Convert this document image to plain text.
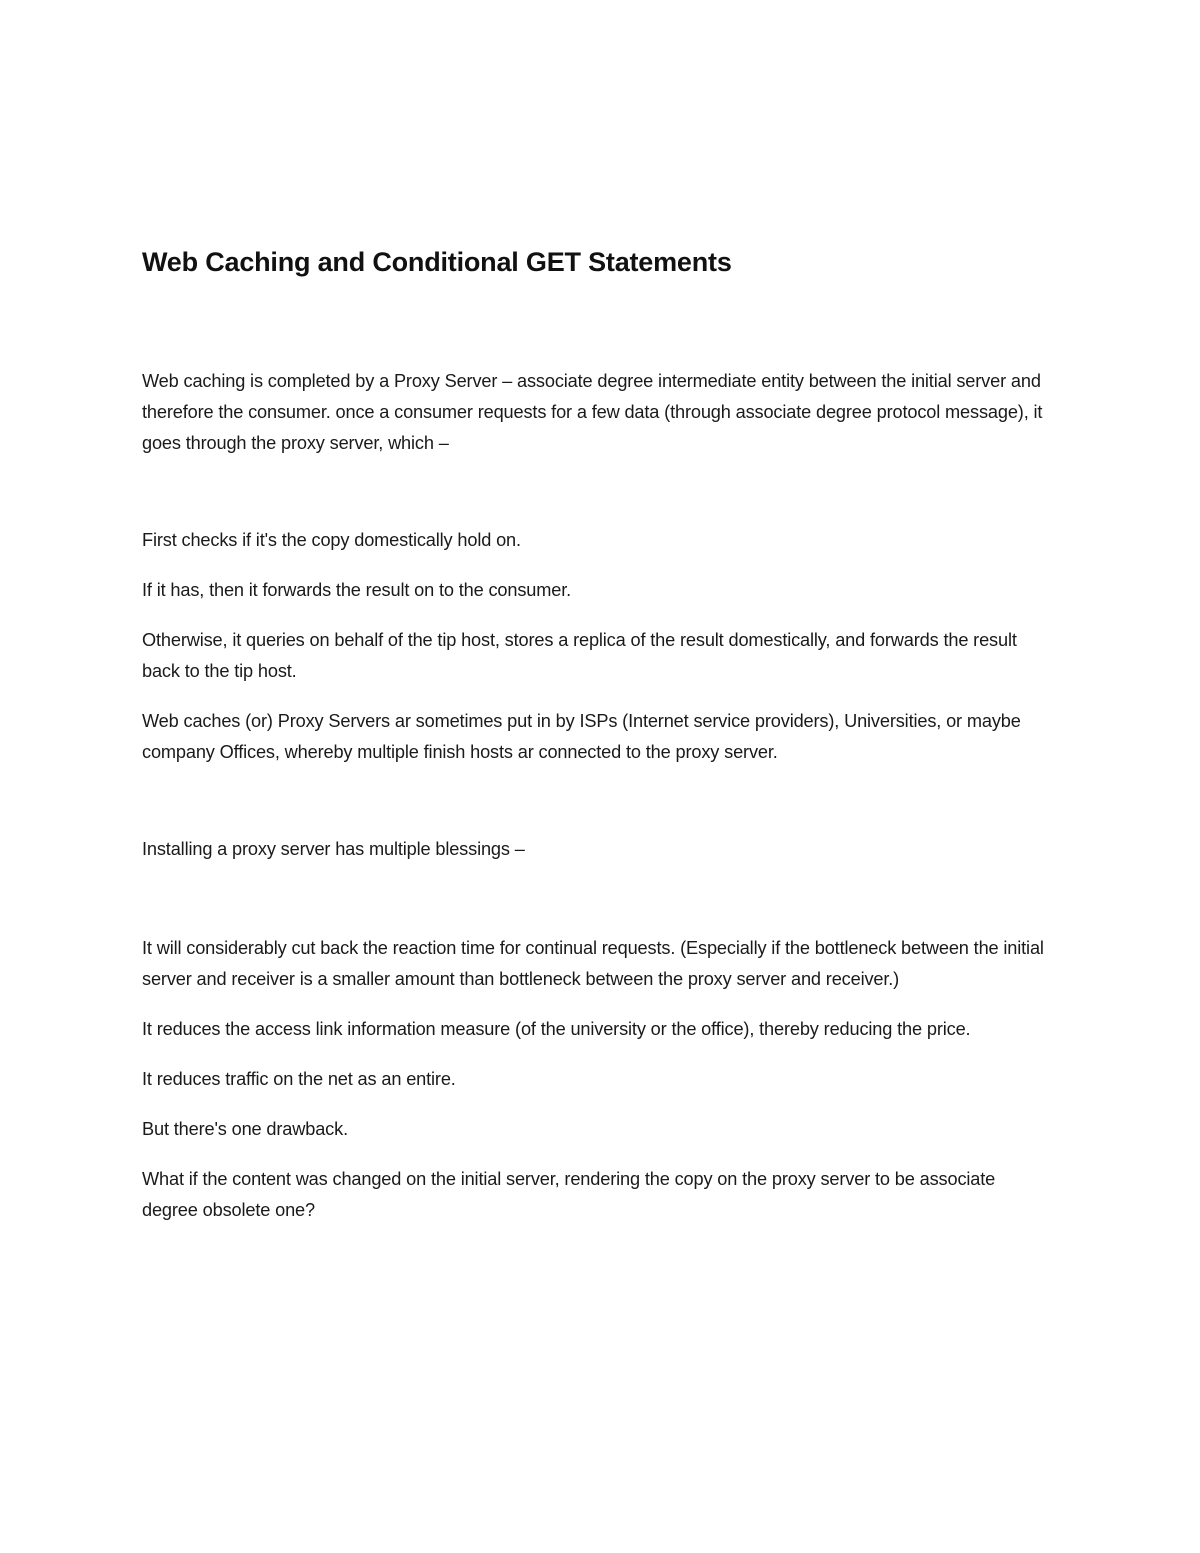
Web Caching and Conditional GET Statements

Web caching is completed by a Proxy Server – associate degree intermediate entity between the initial server and therefore the consumer. once a consumer requests for a few data (through associate degree protocol message), it goes through the proxy server, which –

First checks if it's the copy domestically hold on.

If it has, then it forwards the result on to the consumer.

Otherwise, it queries on behalf of the tip host, stores a replica of the result domestically, and forwards the result back to the tip host.

Web caches (or) Proxy Servers ar sometimes put in by ISPs (Internet service providers), Universities, or maybe company Offices, whereby multiple finish hosts ar connected to the proxy server.

Installing a proxy server has multiple blessings –

It will considerably cut back the reaction time for continual requests. (Especially if the bottleneck between the initial server and receiver is a smaller amount than bottleneck between the proxy server and receiver.)

It reduces the access link information measure (of the university or the office), thereby reducing the price.

It reduces traffic on the net as an entire.

But there's one drawback.

What if the content was changed on the initial server, rendering the copy on the proxy server to be associate degree obsolete one?
